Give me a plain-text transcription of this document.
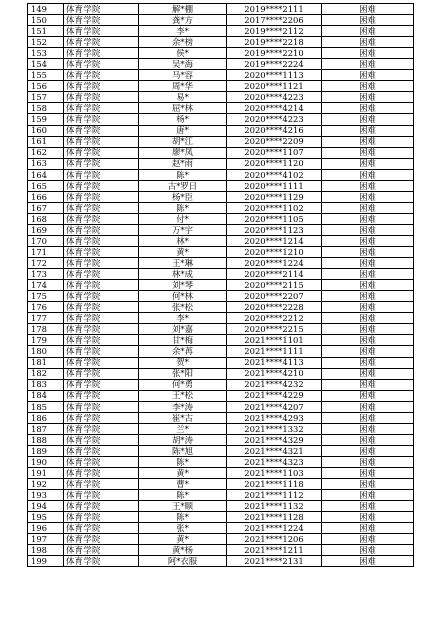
149	体育学院	解*棚	2019****2111	困难
150	体育学院	龚*方	2017****2206	困难
151	体育学院	李*	2019****2112	困难
152	体育学院	余*榜	2019****2218	困难
153	体育学院	侯*	2019****2210	困难
154	体育学院	吴*海	2019****2224	困难
155	体育学院	马*容	2020****1113	困难
156	体育学院	周*华	2020****1121	困难
157	体育学院	易*	2020****4223	困难
158	体育学院	屈*林	2020****4214	困难
159	体育学院	杨*	2020****4223	困难
160	体育学院	唐*	2020****4216	困难
161	体育学院	胡*江	2020****2209	困难
162	体育学院	廖*凤	2020****1107	困难
163	体育学院	赵*雨	2020****1120	困难
164	体育学院	陈*	2020****4102	困难
165	体育学院	古*罗日	2020****1111	困难
166	体育学院	杨*臣	2020****1129	困难
167	体育学院	陈*	2020****1102	困难
168	体育学院	付*	2020****1105	困难
169	体育学院	万*宇	2020****1123	困难
170	体育学院	林*	2020****1214	困难
171	体育学院	黄*	2020****1210	困难
172	体育学院	王*琳	2020****1224	困难
173	体育学院	林*成	2020****2114	困难
174	体育学院	刘*琴	2020****2115	困难
175	体育学院	何*林	2020****2207	困难
176	体育学院	张*松	2020****2228	困难
177	体育学院	李*	2020****2212	困难
178	体育学院	刘*嘉	2020****2215	困难
179	体育学院	甘*梅	2021****1101	困难
180	体育学院	余*苒	2021****1111	困难
181	体育学院	贺*	2021****4113	困难
182	体育学院	张*阳	2021****4210	困难
183	体育学院	何*勇	2021****4232	困难
184	体育学院	王*松	2021****4229	困难
185	体育学院	李*涛	2021****4207	困难
186	体育学院	崔*古	2021****4293	困难
187	体育学院	兰*	2021****1332	困难
188	体育学院	胡*涛	2021****4329	困难
189	体育学院	陈*旭	2021****4321	困难
190	体育学院	陈*	2021****4323	困难
191	体育学院	黄*	2021****1103	困难
192	体育学院	曹*	2021****1118	困难
193	体育学院	陈*	2021****1112	困难
194	体育学院	王*顺	2021****1132	困难
195	体育学院	陈*	2021****1128	困难
196	体育学院	张*	2021****1224	困难
197	体育学院	黄*	2021****1206	困难
198	体育学院	黄*杨	2021****1211	困难
199	体育学院	阿*衣服	2021****2131	困难
